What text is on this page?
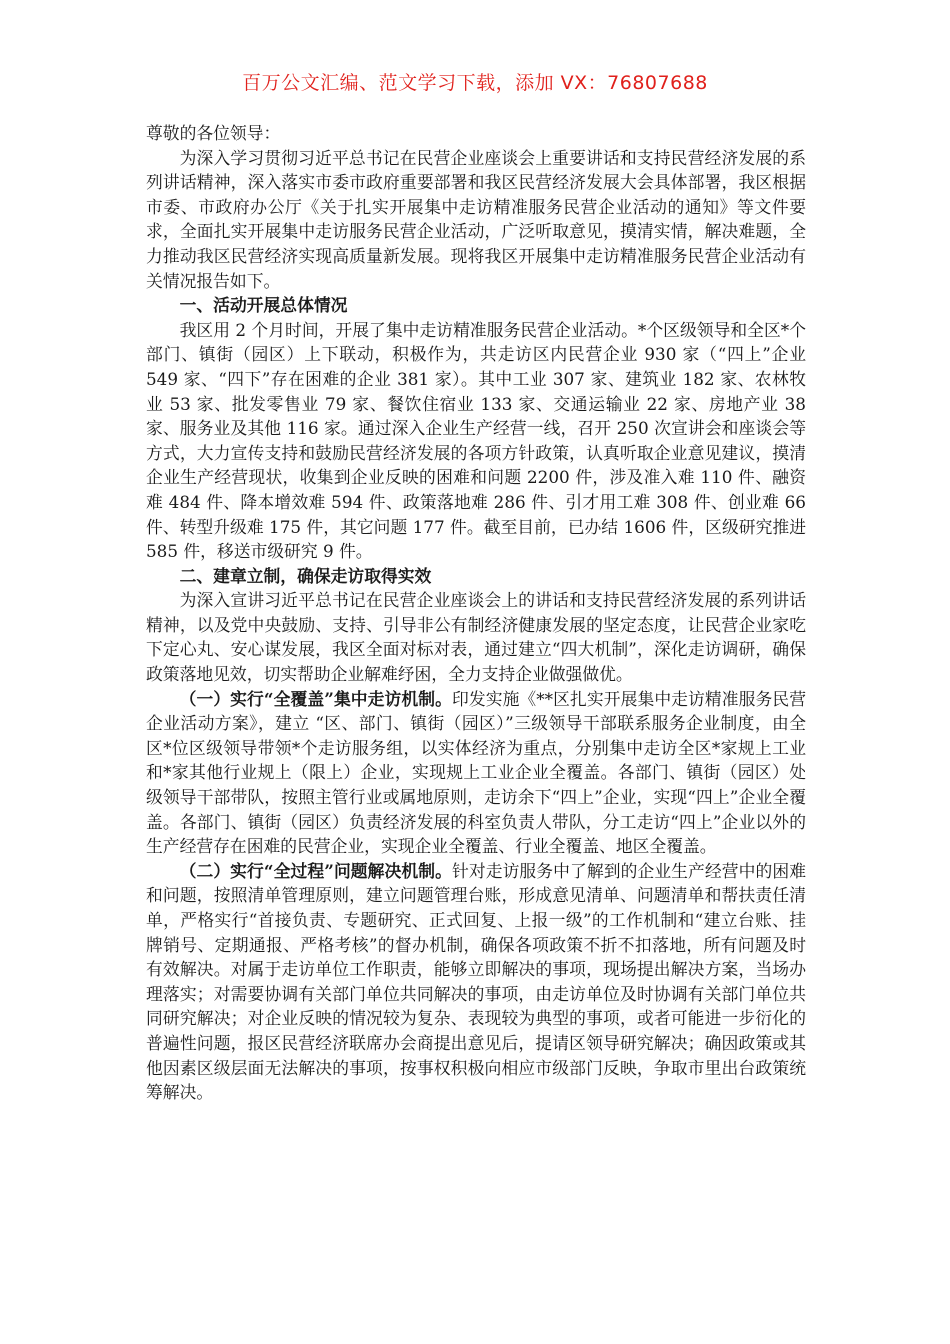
百万公文汇编、范文学习下载，添加 VX：76807688

尊敬的各位领导：

为深入学习贯彻习近平总书记在民营企业座谈会上重要讲话和支持民营经济发展的系列讲话精神，深入落实市委市政府重要部署和我区民营经济发展大会具体部署，我区根据市委、市政府办公厅《关于扎实开展集中走访精准服务民营企业活动的通知》等文件要求，全面扎实开展集中走访服务民营企业活动，广泛听取意见，摸清实情，解决难题，全力推动我区民营经济实现高质量新发展。现将我区开展集中走访精准服务民营企业活动有关情况报告如下。

一、活动开展总体情况

我区用 2 个月时间，开展了集中走访精准服务民营企业活动。*个区级领导和全区*个部门、镇街（园区）上下联动，积极作为，共走访区内民营企业 930 家（“四上”企业 549 家、“四下”存在困难的企业 381 家）。其中工业 307 家、建筑业 182 家、农林牧业 53 家、批发零售业 79 家、餐饮住宿业 133 家、交通运输业 22 家、房地产业 38 家、服务业及其他 116 家。通过深入企业生产经营一线，召开 250 次宣讲会和座谈会等方式，大力宣传支持和鼓励民营经济发展的各项方针政策，认真听取企业意见建议，摸清企业生产经营现状，收集到企业反映的困难和问题 2200 件，涉及准入难 110 件、融资难 484 件、降本增效难 594 件、政策落地难 286 件、引才用工难 308 件、创业难 66 件、转型升级难 175 件，其它问题 177 件。截至目前，已办结 1606 件，区级研究推进 585 件，移送市级研究 9 件。

二、建章立制，确保走访取得实效

为深入宣讲习近平总书记在民营企业座谈会上的讲话和支持民营经济发展的系列讲话精神，以及党中央鼓励、支持、引导非公有制经济健康发展的坚定态度，让民营企业家吃下定心丸、安心谋发展，我区全面对标对表，通过建立“四大机制”，深化走访调研，确保政策落地见效，切实帮助企业解难纾困，全力支持企业做强做优。

（一）实行“全覆盖”集中走访机制。印发实施《**区扎实开展集中走访精准服务民营企业活动方案》，建立 “区、部门、镇街（园区）”三级领导干部联系服务企业制度，由全区*位区级领导带领*个走访服务组，以实体经济为重点，分别集中走访全区*家规上工业和*家其他行业规上（限上）企业，实现规上工业企业全覆盖。各部门、镇街（园区）处级领导干部带队，按照主管行业或属地原则，走访余下“四上”企业，实现“四上”企业全覆盖。各部门、镇街（园区）负责经济发展的科室负责人带队，分工走访“四上”企业以外的生产经营存在困难的民营企业，实现企业全覆盖、行业全覆盖、地区全覆盖。

（二）实行“全过程”问题解决机制。针对走访服务中了解到的企业生产经营中的困难和问题，按照清单管理原则，建立问题管理台账，形成意见清单、问题清单和帮扶责任清单，严格实行“首接负责、专题研究、正式回复、上报一级”的工作机制和“建立台账、挂牌销号、定期通报、严格考核”的督办机制，确保各项政策不折不扣落地，所有问题及时有效解决。对属于走访单位工作职责，能够立即解决的事项，现场提出解决方案，当场办理落实；对需要协调有关部门单位共同解决的事项，由走访单位及时协调有关部门单位共同研究解决；对企业反映的情况较为复杂、表现较为典型的事项，或者可能进一步衍化的普遍性问题，报区民营经济联席办会商提出意见后，提请区领导研究解决；确因政策或其他因素区级层面无法解决的事项，按事权积极向相应市级部门反映，争取市里出台政策统筹解决。
